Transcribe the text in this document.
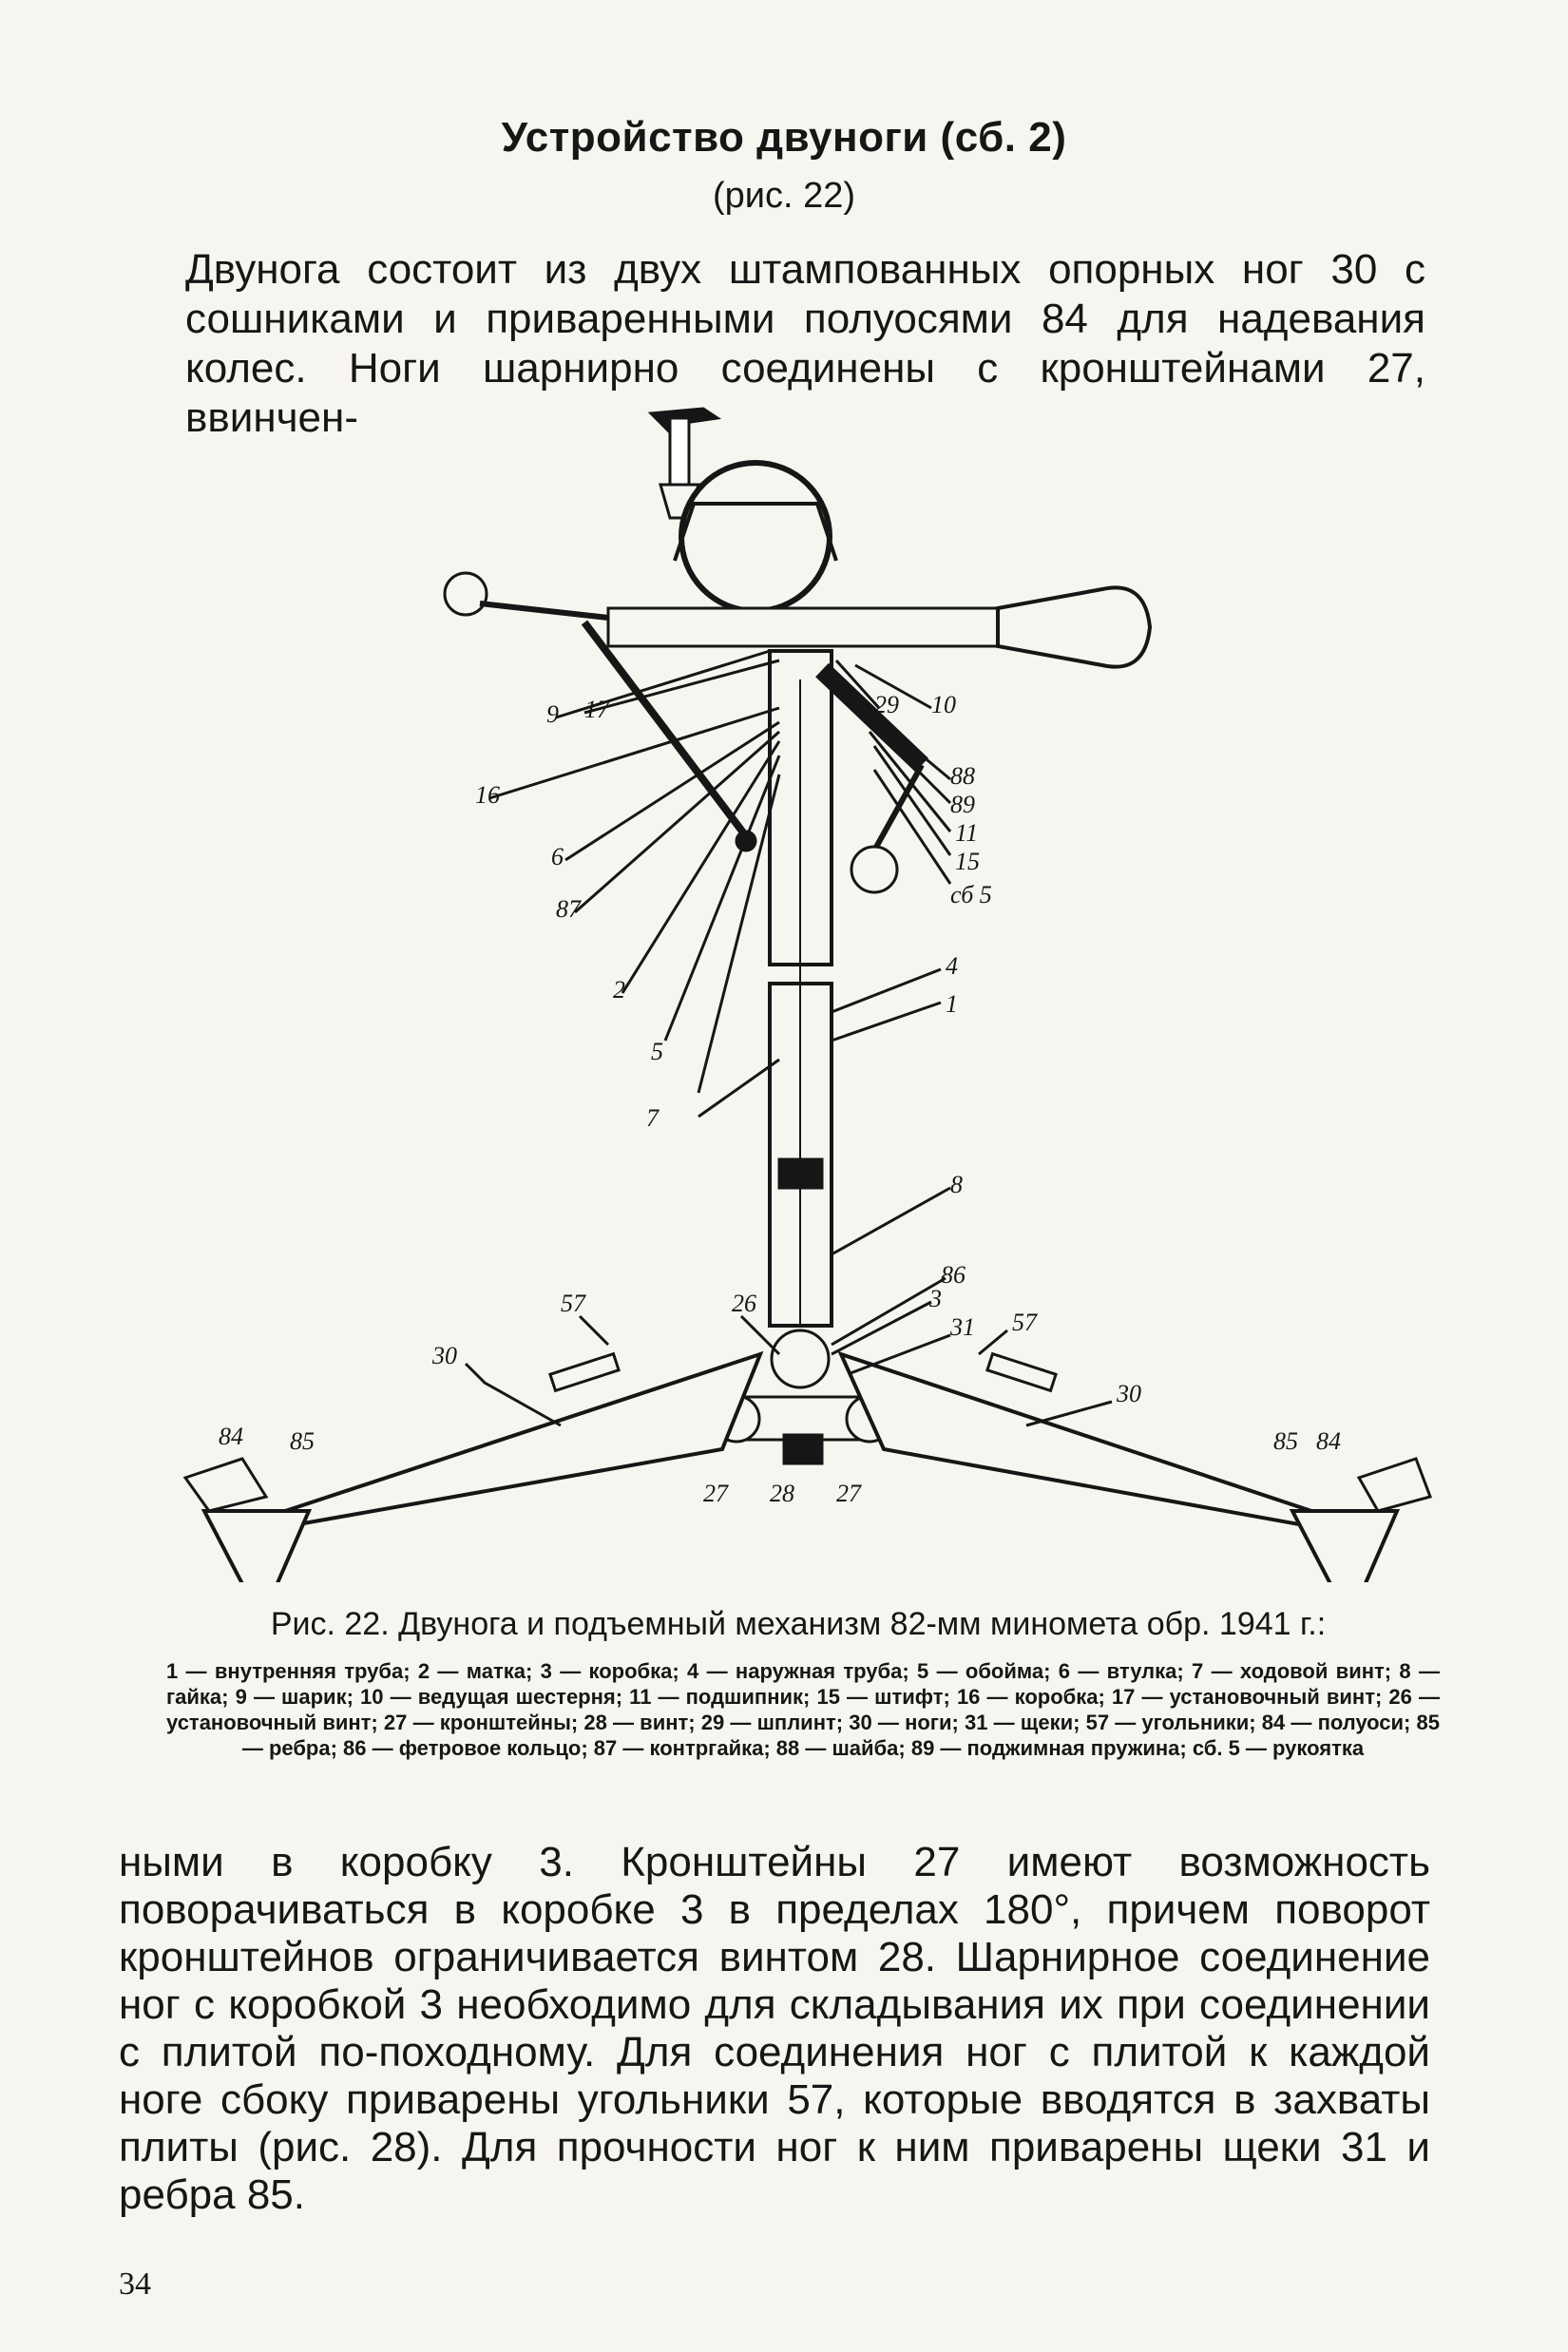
Устройство двуноги (сб. 2)
(рис. 22)
Двунога состоит из двух штампованных опорных ног 30 с сошниками и приваренными полуосями 84 для надевания колес. Ноги шарнирно соединены с кронштейнами 27, ввинчен-
9 17	29 10
16
88
89
11
15
сб 5
6
87
2
5
4
1
7
8
86
3
26
31
57
57
30
30
84 85	85 84
27 28 27
Рис. 22. Двунога и подъемный механизм 82-мм миномета обр. 1941 г.:
1 — внутренняя труба; 2 — матка; 3 — коробка; 4 — наружная труба; 5 — обойма; 6 — втулка; 7 — ходовой винт; 8 — гайка; 9 — шарик; 10 — ведущая шестерня; 11 — подшипник; 15 — штифт; 16 — коробка; 17 — установочный винт; 26 — установочный винт; 27 — кронштейны; 28 — винт; 29 — шплинт; 30 — ноги; 31 — щеки; 57 — угольники; 84 — полуоси; 85 — ребра; 86 — фетровое кольцо; 87 — контргайка; 88 — шайба; 89 — поджимная пружина; сб. 5 — рукоятка
ными в коробку 3. Кронштейны 27 имеют возможность поворачиваться в коробке 3 в пределах 180°, причем поворот кронштейнов ограничивается винтом 28. Шарнирное соединение ног с коробкой 3 необходимо для складывания их при соединении с плитой по-походному. Для соединения ног с плитой к каждой ноге сбоку приварены угольники 57, которые вводятся в захваты плиты (рис. 28). Для прочности ног к ним приварены щеки 31 и ребра 85.
34
